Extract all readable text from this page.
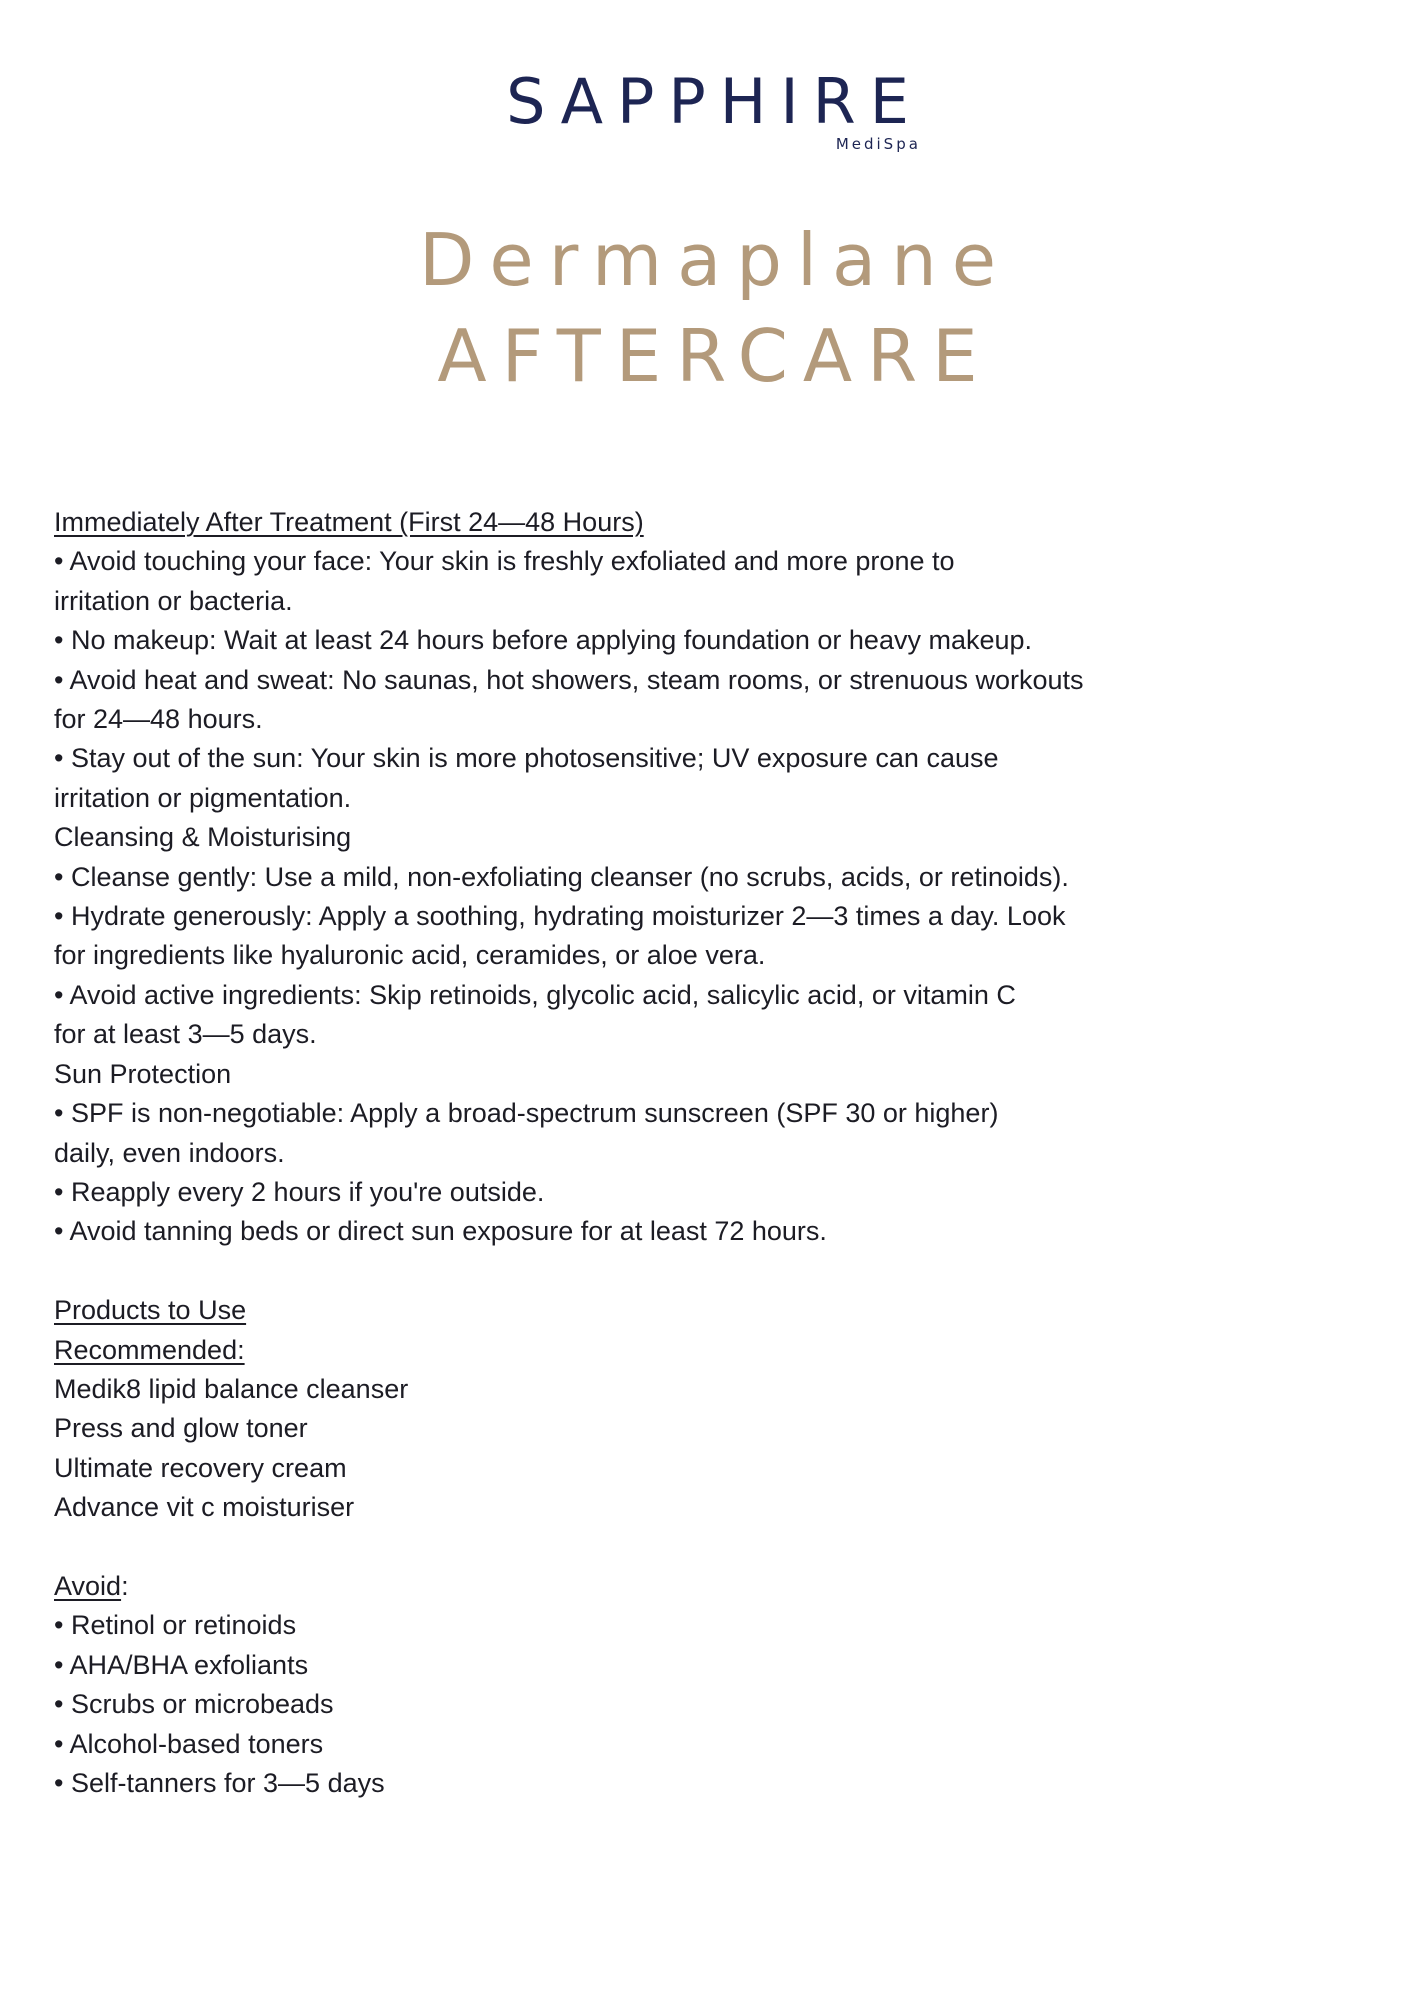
SAPPHIRE
MediSpa
Dermaplane
AFTERCARE
Immediately After Treatment (First 24—48 Hours)
• Avoid touching your face: Your skin is freshly exfoliated and more prone to
irritation or bacteria.
• No makeup: Wait at least 24 hours before applying foundation or heavy makeup.
• Avoid heat and sweat: No saunas, hot showers, steam rooms, or strenuous workouts
for 24—48 hours.
• Stay out of the sun: Your skin is more photosensitive; UV exposure can cause
irritation or pigmentation.
Cleansing & Moisturising
• Cleanse gently: Use a mild, non-exfoliating cleanser (no scrubs, acids, or retinoids).
• Hydrate generously: Apply a soothing, hydrating moisturizer 2—3 times a day. Look
for ingredients like hyaluronic acid, ceramides, or aloe vera.
• Avoid active ingredients: Skip retinoids, glycolic acid, salicylic acid, or vitamin C
for at least 3—5 days.
Sun Protection
• SPF is non-negotiable: Apply a broad-spectrum sunscreen (SPF 30 or higher)
daily, even indoors.
• Reapply every 2 hours if you're outside.
• Avoid tanning beds or direct sun exposure for at least 72 hours.
Products to Use
Recommended:
Medik8 lipid balance cleanser
Press and glow toner
Ultimate recovery cream
Advance vit c moisturiser
Avoid:
• Retinol or retinoids
• AHA/BHA exfoliants
• Scrubs or microbeads
• Alcohol-based toners
• Self-tanners for 3—5 days
